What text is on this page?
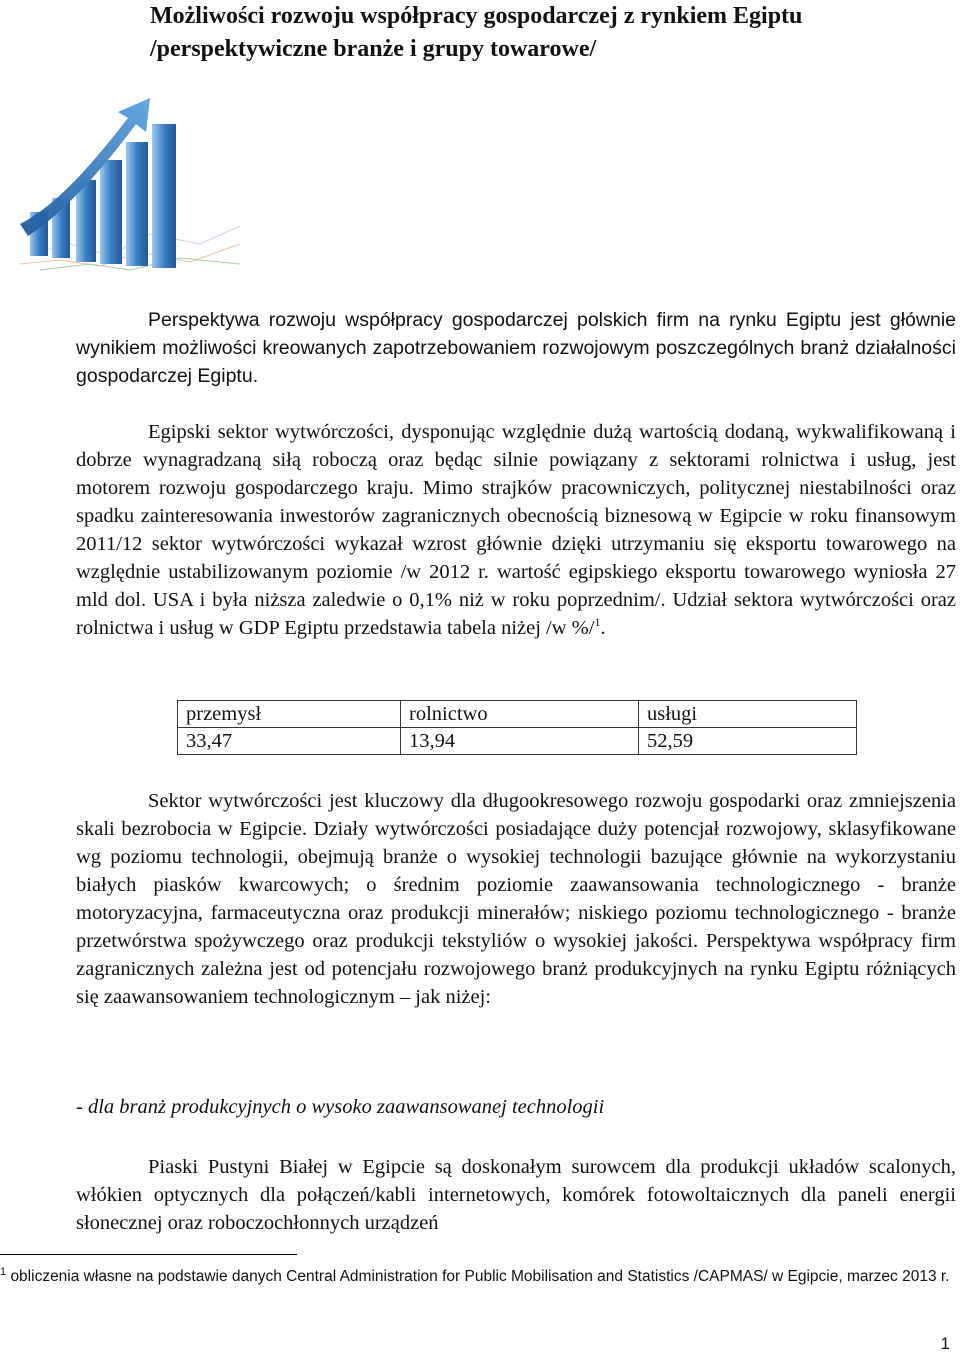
Możliwości rozwoju współpracy gospodarczej z rynkiem Egiptu /perspektywiczne branże i grupy towarowe/

Perspektywa rozwoju współpracy gospodarczej polskich firm na rynku Egiptu jest głównie wynikiem możliwości kreowanych zapotrzebowaniem rozwojowym poszczególnych branż działalności gospodarczej Egiptu.

Egipski sektor wytwórczości, dysponując względnie dużą wartością dodaną, wykwalifikowaną i dobrze wynagradzaną siłą roboczą oraz będąc silnie powiązany z sektorami rolnictwa i usług, jest motorem rozwoju gospodarczego kraju. Mimo strajków pracowniczych, politycznej niestabilności oraz spadku zainteresowania inwestorów zagranicznych obecnością biznesową w Egipcie w roku finansowym 2011/12 sektor wytwórczości wykazał wzrost głównie dzięki utrzymaniu się eksportu towarowego na względnie ustabilizowanym poziomie /w 2012 r. wartość egipskiego eksportu towarowego wyniosła 27 mld dol. USA i była niższa zaledwie o 0,1% niż w roku poprzednim/. Udział sektora wytwórczości oraz rolnictwa i usług w GDP Egiptu przedstawia tabela niżej /w %/$^1$.

przemysł	rolnictwo	usługi
33,47	13,94	52,59

Sektor wytwórczości jest kluczowy dla długookresowego rozwoju gospodarki oraz zmniejszenia skali bezrobocia w Egipcie. Działy wytwórczości posiadające duży potencjał rozwojowy, sklasyfikowane wg poziomu technologii, obejmują branże o wysokiej technologii bazujące głównie na wykorzystaniu białych piasków kwarcowych; o średnim poziomie zaawansowania technologicznego - branże motoryzacyjna, farmaceutyczna oraz produkcji minerałów; niskiego poziomu technologicznego - branże przetwórstwa spożywczego oraz produkcji tekstyliów o wysokiej jakości. Perspektywa współpracy firm zagranicznych zależna jest od potencjału rozwojowego branż produkcyjnych na rynku Egiptu różniących się zaawansowaniem technologicznym – jak niżej:

- dla branż produkcyjnych o wysoko zaawansowanej technologii

Piaski Pustyni Białej w Egipcie są doskonałym surowcem dla produkcji układów scalonych, włókien optycznych dla połączeń/kabli internetowych, komórek fotowoltaicznych dla paneli energii słonecznej oraz roboczochłonnych urządzeń

$^1$ obliczenia własne na podstawie danych Central Administration for Public Mobilisation and Statistics /CAPMAS/ w Egipcie, marzec 2013 r.

1
